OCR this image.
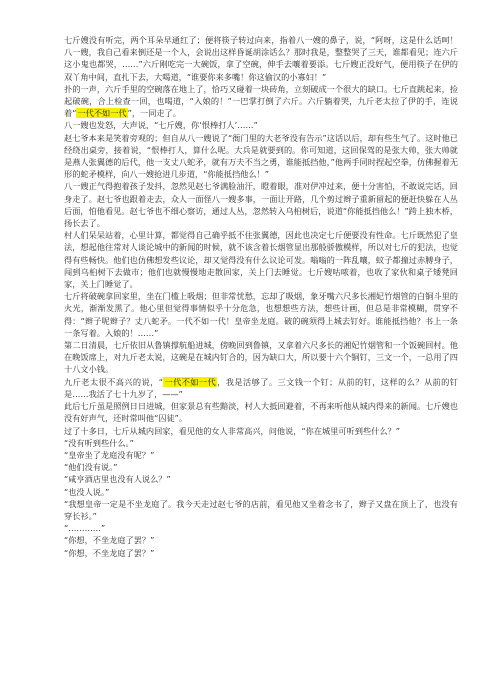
七斤嫂没有听完，两个耳朵早通红了；便将筷子转过向来，指着八一嫂的鼻子，说，“阿呀，这是什么话呵！八一嫂，我自己看来倒还是一个人，会说出这样昏诞胡涂话么？那时我是，整整哭了三天，谁都看见；连六斤这小鬼也都哭，……”六斤刚吃完一大碗饭，拿了空碗，伸手去嚷着要添。七斤嫂正没好气，便用筷子在伊的双丫角中间，直扎下去，大喝道，“谁要你来多嘴！你这偷汉的小寡妇！”

扑的一声，六斤手里的空碗落在地上了，恰巧又碰着一块砖角，立刻破成一个很大的缺口。七斤直跳起来，捡起破碗，合上检查一回，也喝道，“入娘的！”一巴掌打倒了六斤。六斤躺着哭，九斤老太拉了伊的手，连说着“一代不如一代”，一同走了。

八一嫂也发怒，大声说，“七斤嫂，你‘恨棒打人’……”

赵七爷本来是笑着旁观的；但自从八一嫂说了“衙门里的大老爷没有告示”这话以后，却有些生气了。这时他已经绕出桌旁，接着说，“恨棒打人，算什么呢。大兵是就要到的。你可知道，这回保驾的是张大帅，张大帅就是燕人张翼德的后代，他一支丈八蛇矛，就有万夫不当之勇，谁能抵挡他，”他两手同时捏起空拳，仿佛握着无形的蛇矛模样，向八一嫂抢进几步道，“你能抵挡他么！”

八一嫂正气得抱着孩子发抖，忽然见赵七爷满脸油汗，瞪着眼，准对伊冲过来，便十分害怕，不敢说完话，回身走了。赵七爷也跟着走去，众人一面怪八一嫂多事，一面让开路，几个剪过辫子重新留起的便赶快躲在人丛后面，怕他看见。赵七爷也不细心察访，通过人丛，忽然转入乌桕树后，说道“你能抵挡他么！”跨上独木桥，扬长去了。

村人们呆呆站着，心里计算，都觉得自己确乎抵不住张翼德，因此也决定七斤便要没有性命。七斤既然犯了皇法，想起他往常对人谈论城中的新闻的时候，就不该含着长烟管显出那般骄傲模样，所以对七斤的犯法，也觉得有些畅快。他们也仿佛想发些议论，却又觉得没有什么议论可发。嗡嗡的一阵乱嚷，蚊子都撞过赤膊身子，闯到乌桕树下去做市；他们也就慢慢地走散回家，关上门去睡觉。七斤嫂咕哝着，也收了家伙和桌子矮凳回家，关上门睡觉了。

七斤将破碗拿回家里，坐在门槛上吸烟；但非常忧愁，忘却了吸烟，象牙嘴六尺多长湘妃竹烟管的白铜斗里的火光，渐渐发黑了。他心里但觉得事情似乎十分危急，也想想些方法，想些计画，但总是非常模糊，贯穿不得：“辫子呢辫子？丈八蛇矛。一代不如一代！皇帝坐龙庭。破的碗须得上城去钉好。谁能抵挡他？书上一条一条写着。入娘的！……”

第二日清晨，七斤依旧从鲁镇撑航船进城，傍晚回到鲁镇，又拿着六尺多长的湘妃竹烟管和一个饭碗回村。他在晚饭席上，对九斤老太说，这碗是在城内钉合的，因为缺口大，所以要十六个铜钉，三文一个，一总用了四十八文小钱。

九斤老太很不高兴的说，“一代不如一代，我是活够了。三文钱一个钉；从前的钉，这样的么？从前的钉是……我活了七十九岁了，——”

此后七斤虽是照例日日进城，但家景总有些黯淡，村人大抵回避着，不再来听他从城内得来的新闻。七斤嫂也没有好声气，还时常叫他“囚徒”。

过了十多日，七斤从城内回家，看见他的女人非常高兴，问他说，“你在城里可听到些什么？”

“没有听到些什么。”

“皇帝坐了龙庭没有呢？”

“他们没有说。”

“咸亨酒店里也没有人说么？”

“也没人说。”

“我想皇帝一定是不坐龙庭了。我今天走过赵七爷的店前，看见他又坐着念书了，辫子又盘在顶上了，也没有穿长衫。”

“…………”

“你想，不坐龙庭了罢？”

“你想，不坐龙庭了罢？”
